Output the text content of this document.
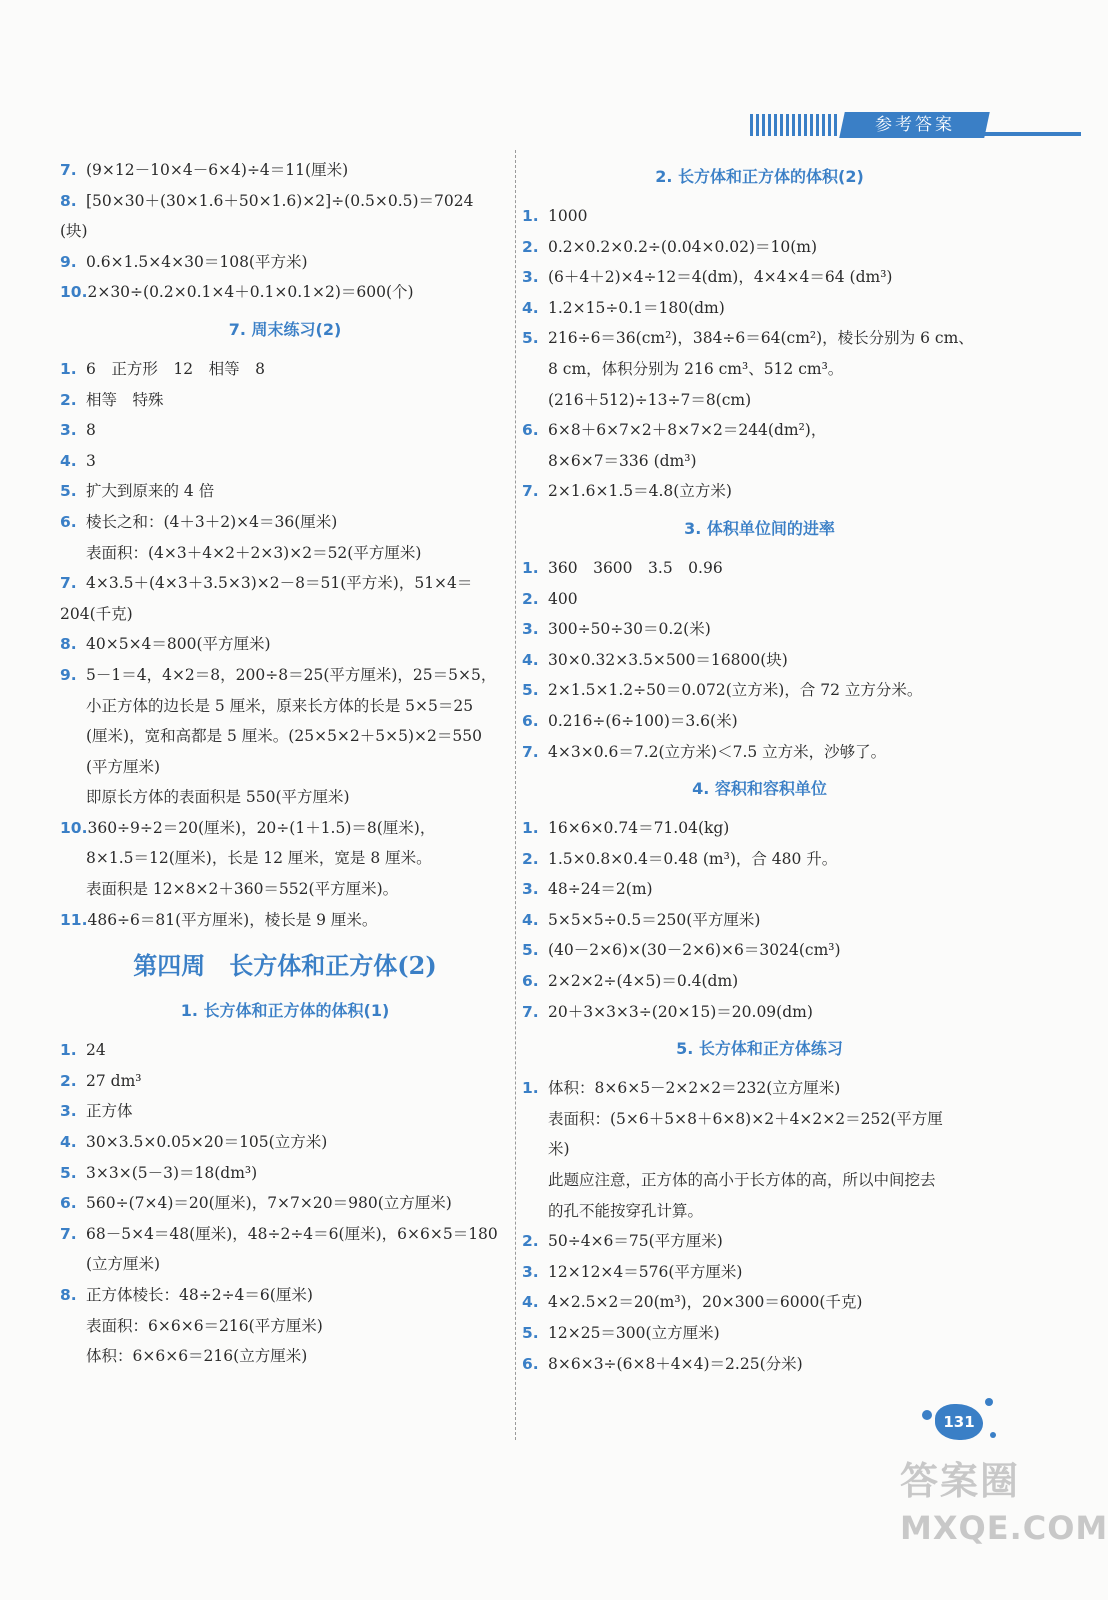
参考答案
7. (9×12－10×4－6×4)÷4＝11(厘米)
8. [50×30＋(30×1.6＋50×1.6)×2]÷(0.5×0.5)＝7024
(块)
9. 0.6×1.5×4×30＝108(平方米)
10.2×30÷(0.2×0.1×4＋0.1×0.1×2)＝600(个)
7. 周末练习(2)
1. 6　正方形　12　相等　8
2. 相等　特殊
3. 8
4. 3
5. 扩大到原来的 4 倍
6. 棱长之和：(4＋3＋2)×4＝36(厘米)
表面积：(4×3＋4×2＋2×3)×2＝52(平方厘米)
7. 4×3.5＋(4×3＋3.5×3)×2－8＝51(平方米)，51×4＝
204(千克)
8. 40×5×4＝800(平方厘米)
9. 5－1＝4，4×2＝8，200÷8＝25(平方厘米)，25＝5×5，
小正方体的边长是 5 厘米，原来长方体的长是 5×5＝25
(厘米)，宽和高都是 5 厘米。(25×5×2＋5×5)×2＝550
(平方厘米)
即原长方体的表面积是 550(平方厘米)
10.360÷9÷2＝20(厘米)，20÷(1＋1.5)＝8(厘米)，
8×1.5＝12(厘米)，长是 12 厘米，宽是 8 厘米。
表面积是 12×8×2＋360＝552(平方厘米)。
11.486÷6＝81(平方厘米)，棱长是 9 厘米。
第四周　长方体和正方体(2)
1. 长方体和正方体的体积(1)
1. 24
2. 27 dm³
3. 正方体
4. 30×3.5×0.05×20＝105(立方米)
5. 3×3×(5－3)＝18(dm³)
6. 560÷(7×4)＝20(厘米)，7×7×20＝980(立方厘米)
7. 68－5×4＝48(厘米)，48÷2÷4＝6(厘米)，6×6×5＝180
(立方厘米)
8. 正方体棱长：48÷2÷4＝6(厘米)
表面积：6×6×6＝216(平方厘米)
体积：6×6×6＝216(立方厘米)
2. 长方体和正方体的体积(2)
1. 1000
2. 0.2×0.2×0.2÷(0.04×0.02)＝10(m)
3. (6＋4＋2)×4÷12＝4(dm)，4×4×4＝64 (dm³)
4. 1.2×15÷0.1＝180(dm)
5. 216÷6＝36(cm²)，384÷6＝64(cm²)，棱长分别为 6 cm、
8 cm，体积分别为 216 cm³、512 cm³。
(216＋512)÷13÷7＝8(cm)
6. 6×8＋6×7×2＋8×7×2＝244(dm²)，
8×6×7＝336 (dm³)
7. 2×1.6×1.5＝4.8(立方米)
3. 体积单位间的进率
1. 360　3600　3.5　0.96
2. 400
3. 300÷50÷30＝0.2(米)
4. 30×0.32×3.5×500＝16800(块)
5. 2×1.5×1.2÷50＝0.072(立方米)，合 72 立方分米。
6. 0.216÷(6÷100)＝3.6(米)
7. 4×3×0.6＝7.2(立方米)＜7.5 立方米，沙够了。
4. 容积和容积单位
1. 16×6×0.74＝71.04(kg)
2. 1.5×0.8×0.4＝0.48 (m³)，合 480 升。
3. 48÷24＝2(m)
4. 5×5×5÷0.5＝250(平方厘米)
5. (40－2×6)×(30－2×6)×6＝3024(cm³)
6. 2×2×2÷(4×5)＝0.4(dm)
7. 20＋3×3×3÷(20×15)＝20.09(dm)
5. 长方体和正方体练习
1. 体积：8×6×5－2×2×2＝232(立方厘米)
表面积：(5×6＋5×8＋6×8)×2＋4×2×2＝252(平方厘
米)
此题应注意，正方体的高小于长方体的高，所以中间挖去
的孔不能按穿孔计算。
2. 50÷4×6＝75(平方厘米)
3. 12×12×4＝576(平方厘米)
4. 4×2.5×2＝20(m³)，20×300＝6000(千克)
5. 12×25＝300(立方厘米)
6. 8×6×3÷(6×8＋4×4)＝2.25(分米)
131
答案圈
MXQE.COM
